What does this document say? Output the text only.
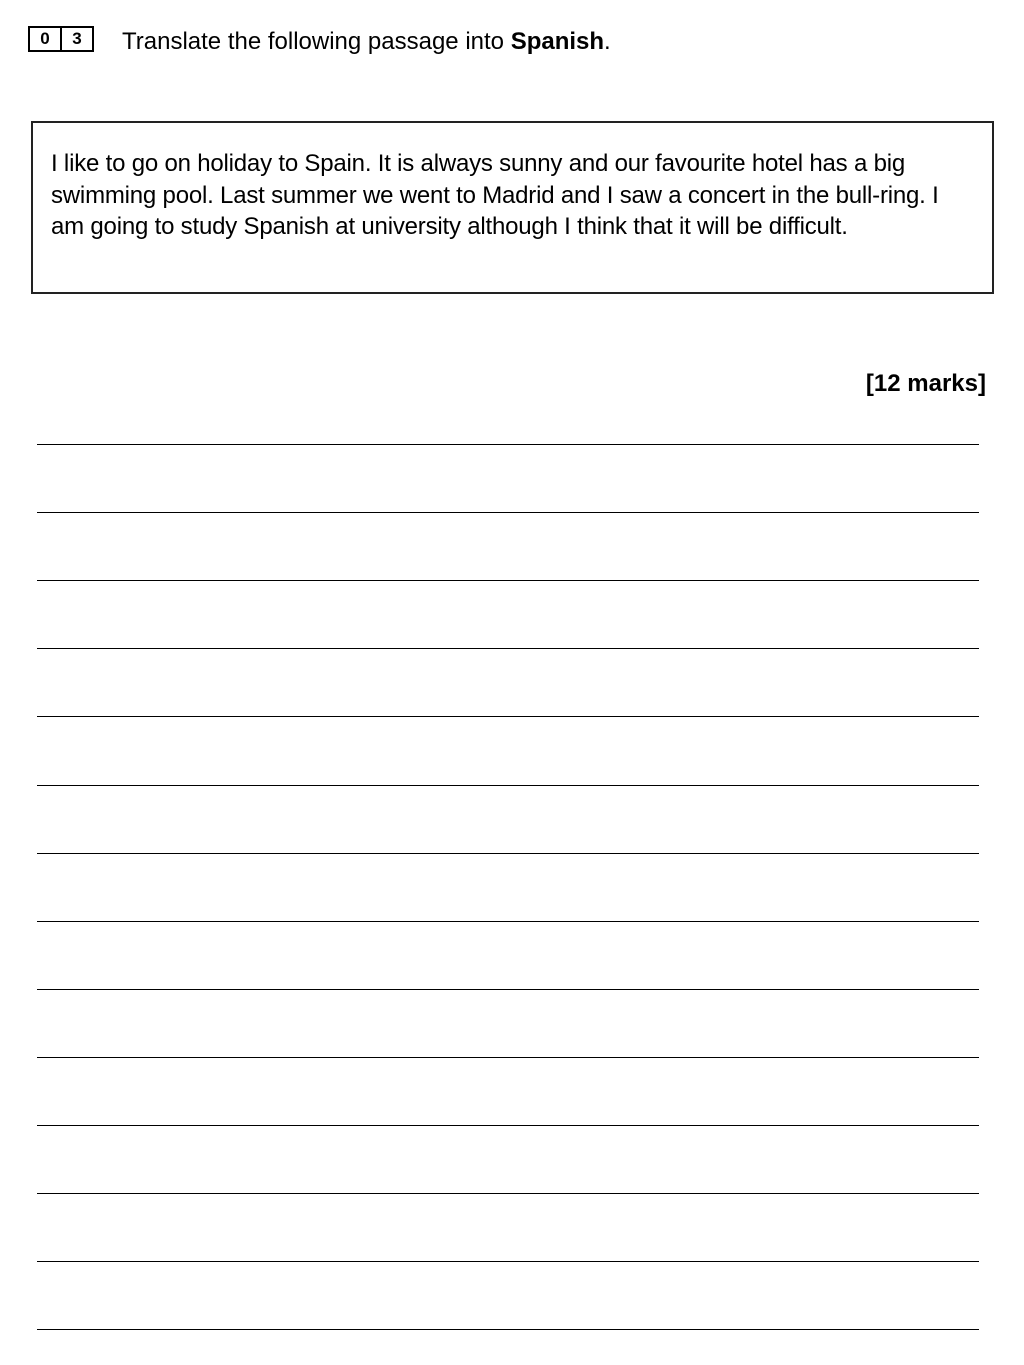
0	3	Translate the following passage into Spanish.
I like to go on holiday to Spain. It is always sunny and our favourite hotel has a big swimming pool. Last summer we went to Madrid and I saw a concert in the bull-ring. I am going to study Spanish at university although I think that it will be difficult.
[12 marks]
